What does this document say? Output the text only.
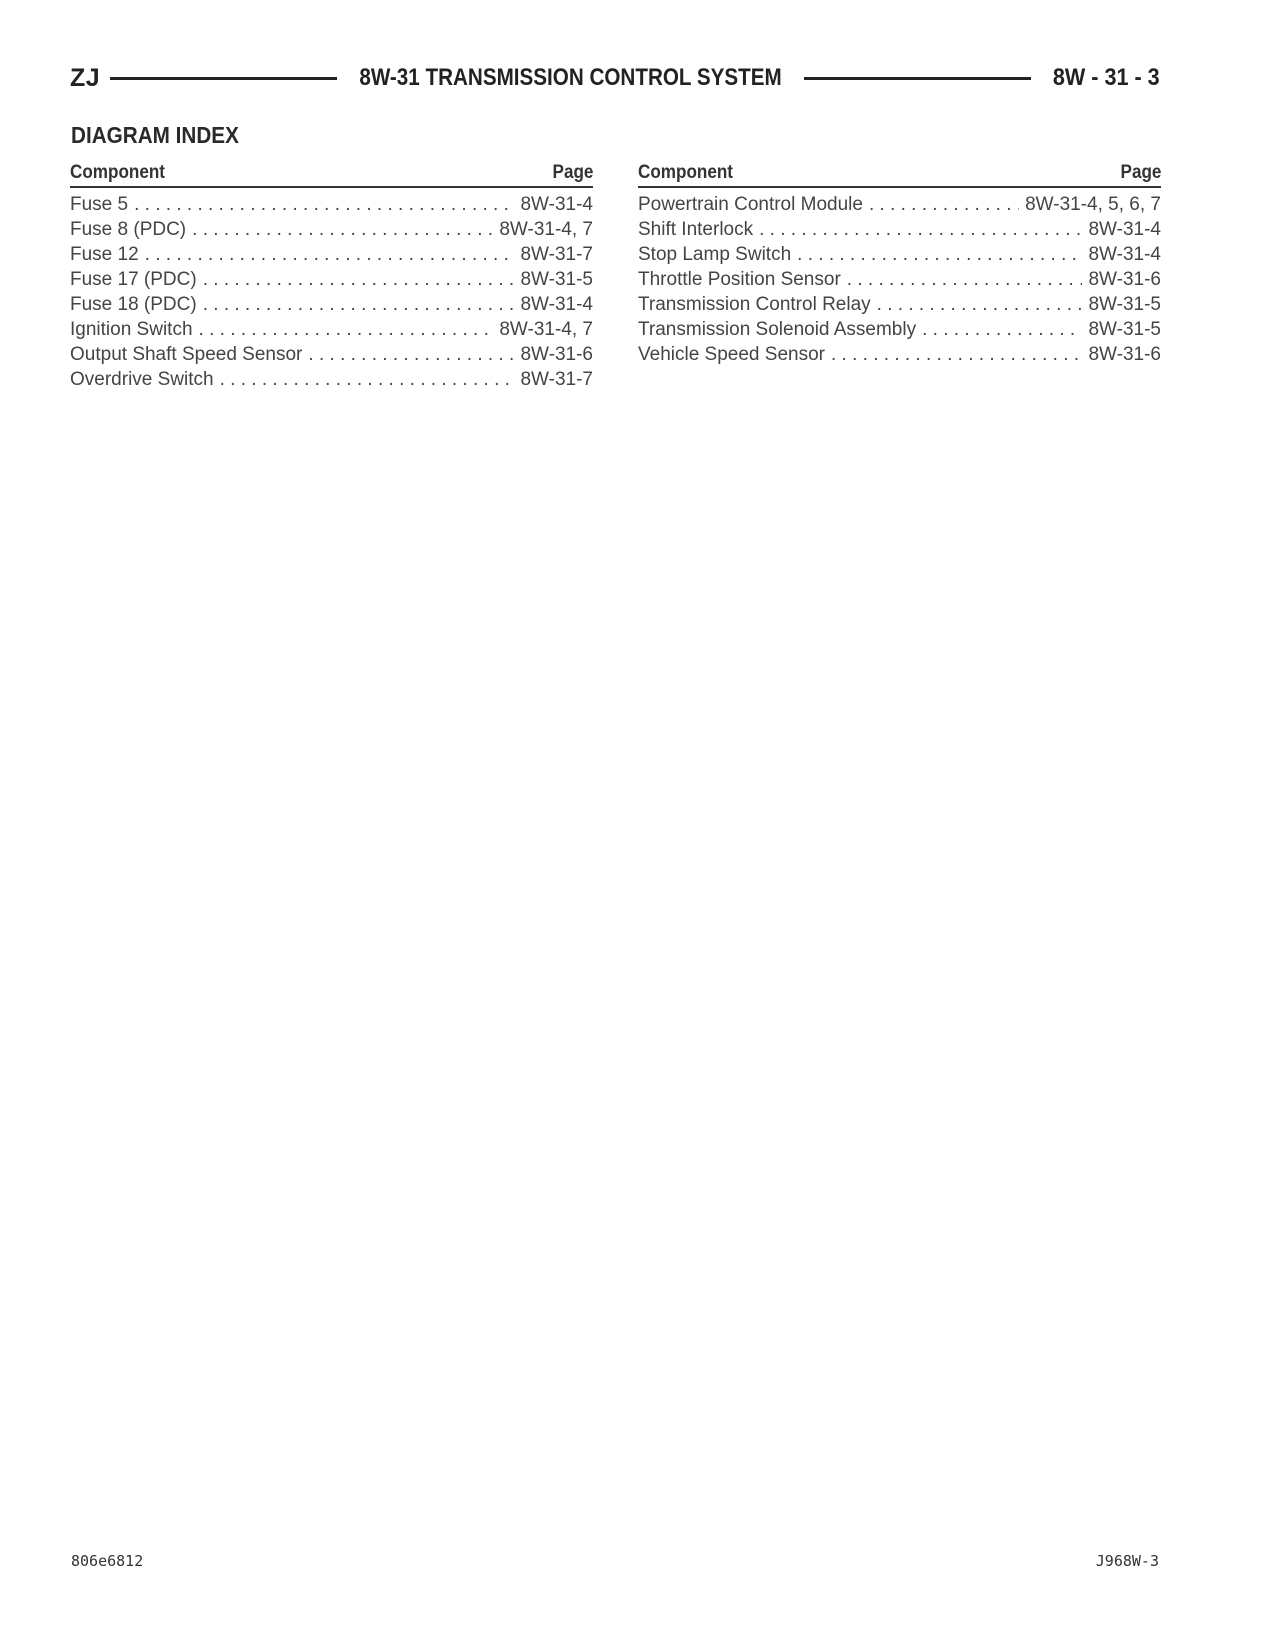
ZJ	8W-31 TRANSMISSION CONTROL SYSTEM	8W - 31 - 3
DIAGRAM INDEX
Component	Page
Fuse 5 . . .	8W-31-4
Fuse 8 (PDC) . . .	8W-31-4, 7
Fuse 12 . . .	8W-31-7
Fuse 17 (PDC) . . .	8W-31-5
Fuse 18 (PDC) . . .	8W-31-4
Ignition Switch . . .	8W-31-4, 7
Output Shaft Speed Sensor . . .	8W-31-6
Overdrive Switch . . .	8W-31-7
Component	Page
Powertrain Control Module . . .	8W-31-4, 5, 6, 7
Shift Interlock . . .	8W-31-4
Stop Lamp Switch . . .	8W-31-4
Throttle Position Sensor . . .	8W-31-6
Transmission Control Relay . . .	8W-31-5
Transmission Solenoid Assembly . . .	8W-31-5
Vehicle Speed Sensor . . .	8W-31-6
806e6812	J968W-3
